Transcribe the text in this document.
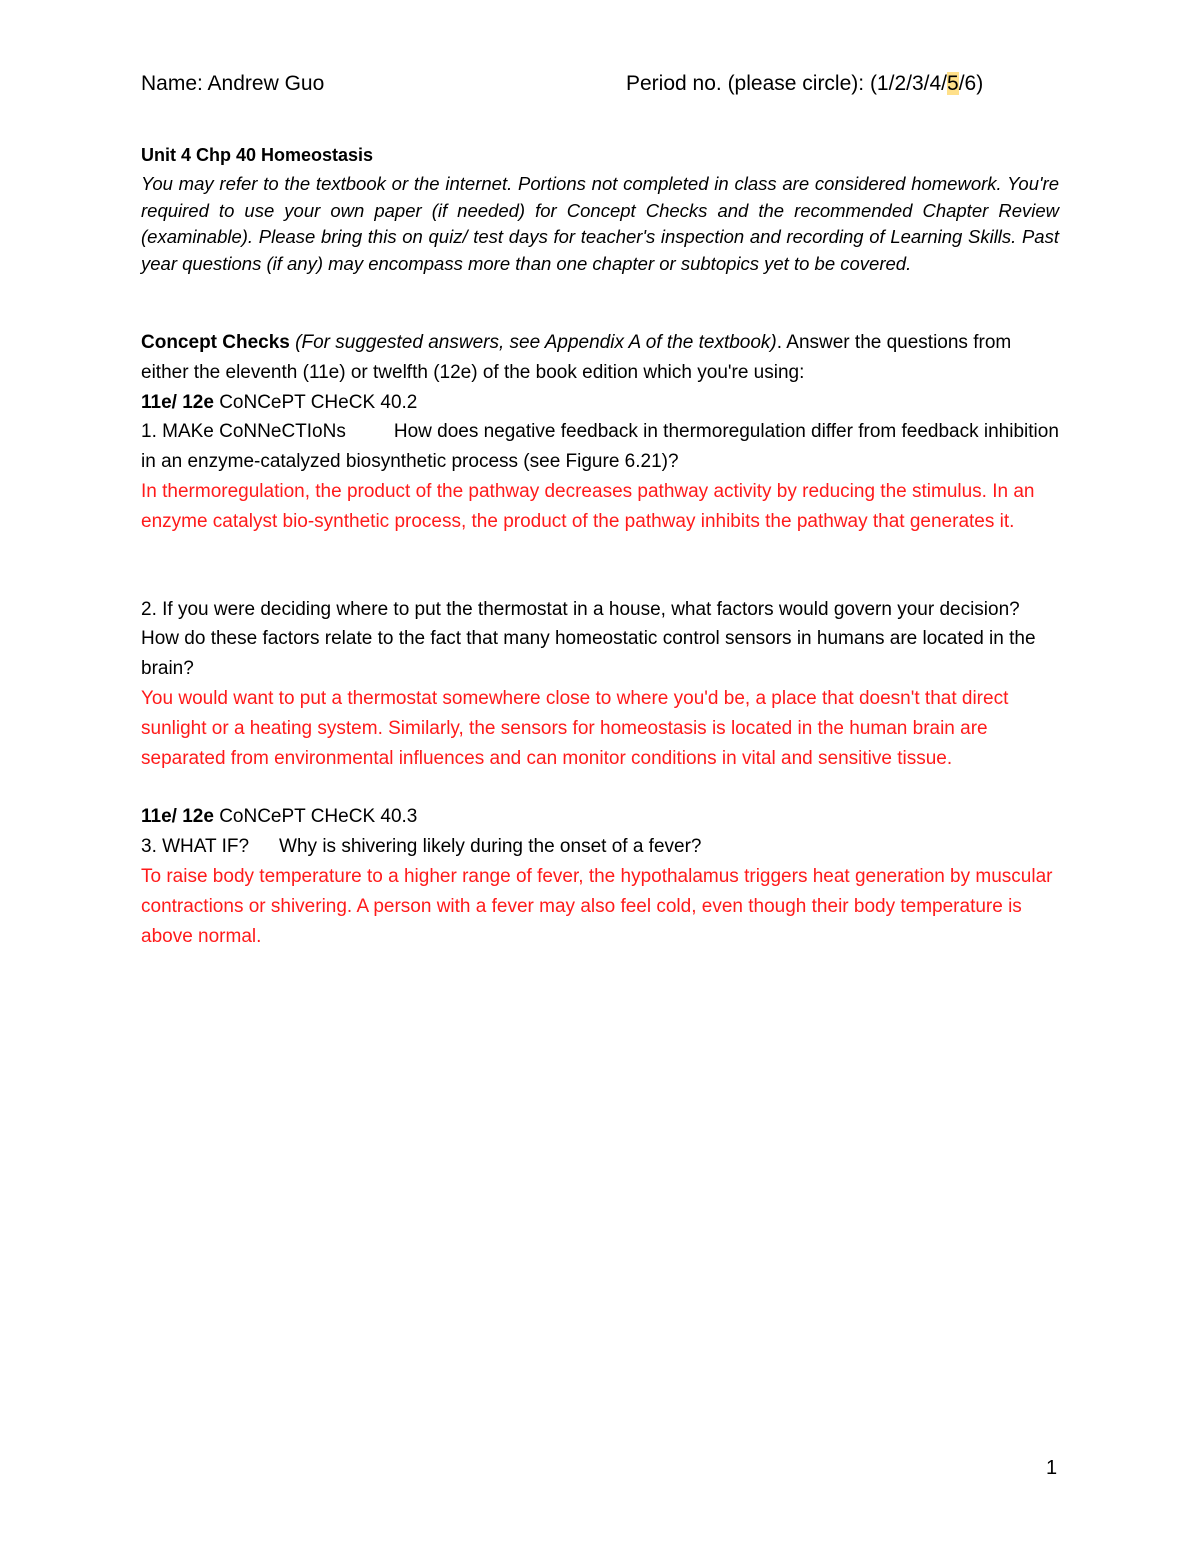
Name: Andrew Guo	Period no. (please circle): (1/2/3/4/5/6)
Unit 4 Chp 40 Homeostasis
You may refer to the textbook or the internet. Portions not completed in class are considered homework. You're required to use your own paper (if needed) for Concept Checks and the recommended Chapter Review (examinable). Please bring this on quiz/ test days for teacher's inspection and recording of Learning Skills. Past year questions (if any) may encompass more than one chapter or subtopics yet to be covered.

Concept Checks (For suggested answers, see Appendix A of the textbook). Answer the questions from either the eleventh (11e) or twelfth (12e) of the book edition which you're using:

11e/ 12e CoNCePT CHeCK 40.2

1. MAKe CoNNeCTIoNs	How does negative feedback in thermoregulation differ from feedback inhibition in an enzyme-catalyzed biosynthetic process (see Figure 6.21)?

In thermoregulation, the product of the pathway decreases pathway activity by reducing the stimulus. In an enzyme catalyst bio-synthetic process, the product of the pathway inhibits the pathway that generates it.

2. If you were deciding where to put the thermostat in a house, what factors would govern your decision? How do these factors relate to the fact that many homeostatic control sensors in humans are located in the brain?

You would want to put a thermostat somewhere close to where you'd be, a place that doesn't that direct sunlight or a heating system. Similarly, the sensors for homeostasis is located in the human brain are separated from environmental influences and can monitor conditions in vital and sensitive tissue.

11e/ 12e CoNCePT CHeCK 40.3

3. WHAT IF? Why is shivering likely during the onset of a fever?

To raise body temperature to a higher range of fever, the hypothalamus triggers heat generation by muscular contractions or shivering. A person with a fever may also feel cold, even though their body temperature is above normal.

1
